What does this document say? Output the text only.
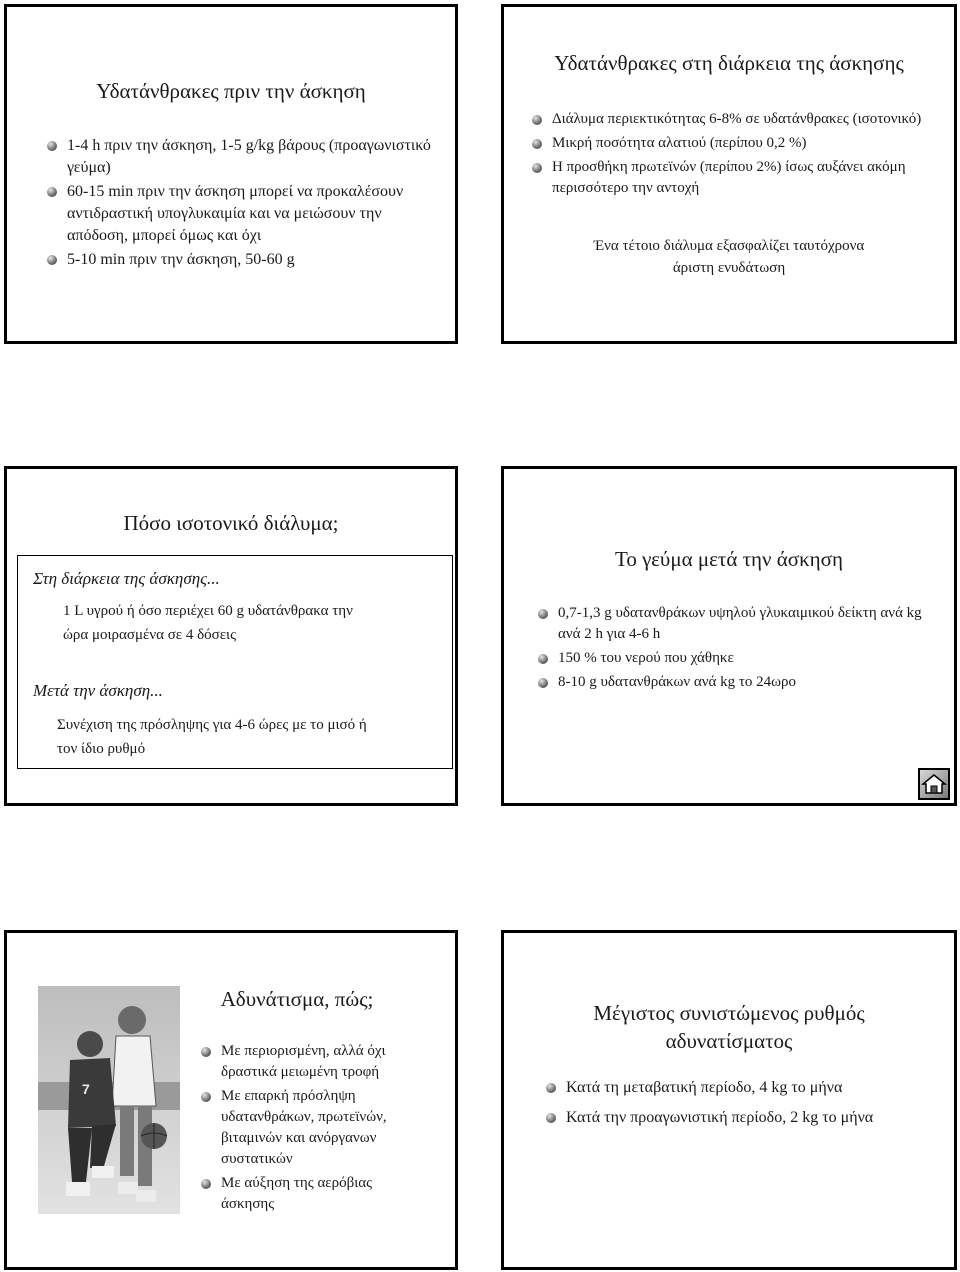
Υδατάνθρακες πριν την άσκηση
1-4 h πριν την άσκηση, 1-5 g/kg βάρους (προαγωνιστικό γεύμα)
60-15 min πριν την άσκηση μπορεί να προκαλέσουν αντιδραστική υπογλυκαιμία και να μειώσουν την απόδοση, μπορεί όμως και όχι
5-10 min πριν την άσκηση, 50-60 g
Υδατάνθρακες στη διάρκεια της άσκησης
Διάλυμα περιεκτικότητας 6-8% σε υδατάνθρακες (ισοτονικό)
Μικρή ποσότητα αλατιού (περίπου 0,2 %)
Η προσθήκη πρωτεϊνών (περίπου 2%) ίσως αυξάνει ακόμη περισσότερο την αντοχή
Ένα τέτοιο διάλυμα εξασφαλίζει ταυτόχρονα
άριστη ενυδάτωση
Πόσο ισοτονικό διάλυμα;
Στη διάρκεια της άσκησης...
1 L υγρού ή όσο περιέχει 60 g υδατάνθρακα την
ώρα μοιρασμένα σε 4 δόσεις
Μετά την άσκηση...
Συνέχιση της πρόσληψης για 4-6 ώρες με το μισό ή
τον ίδιο ρυθμό
Το γεύμα μετά την άσκηση
0,7-1,3 g υδατανθράκων υψηλού γλυκαιμικού δείκτη ανά kg ανά 2 h για 4-6 h
150 % του νερού που χάθηκε
8-10 g υδατανθράκων ανά kg το 24ωρο
Αδυνάτισμα, πώς;
Με περιορισμένη, αλλά όχι δραστικά μειωμένη τροφή
Με επαρκή πρόσληψη υδατανθράκων, πρωτεϊνών, βιταμινών και ανόργανων συστατικών
Με αύξηση της αερόβιας άσκησης
7
Μέγιστος συνιστώμενος ρυθμός
αδυνατίσματος
Κατά τη μεταβατική περίοδο, 4 kg το μήνα
Κατά την προαγωνιστική περίοδο, 2 kg το μήνα
